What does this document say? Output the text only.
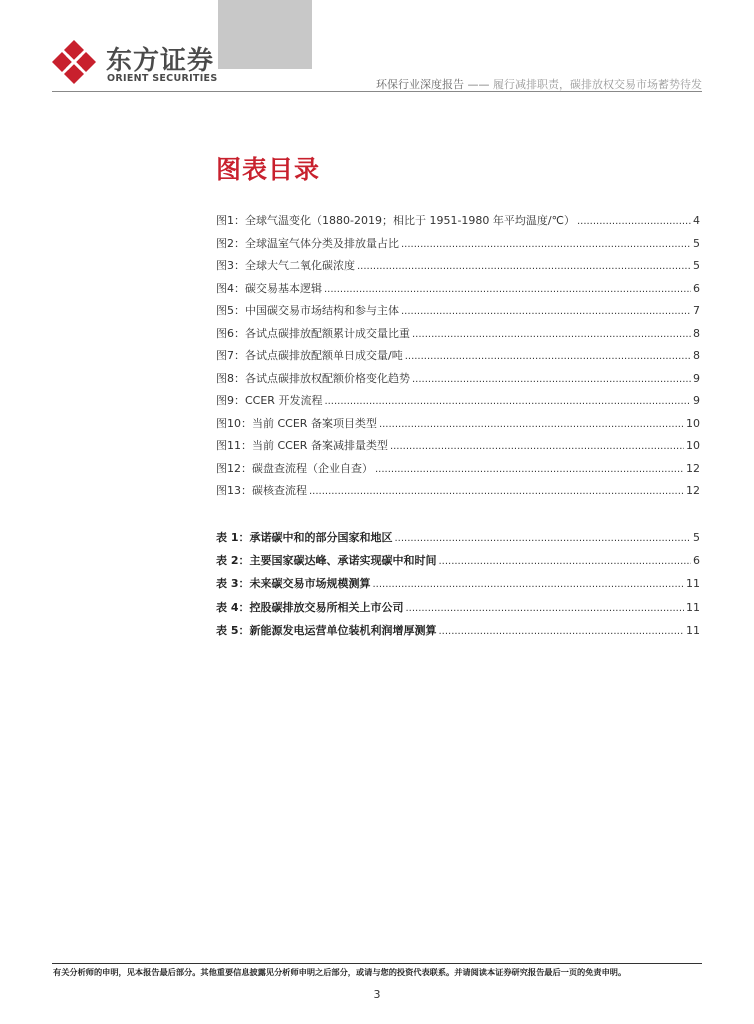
东方证券
ORIENT SECURITIES	环保行业深度报告 —— 履行减排职责，碳排放权交易市场蓄势待发
图表目录
图1：全球气温变化（1880-2019；相比于 1951-1980 年平均温度/℃） .....	4
图2：全球温室气体分类及排放量占比 .....	5
图3：全球大气二氧化碳浓度 .....	5
图4：碳交易基本逻辑 .....	6
图5：中国碳交易市场结构和参与主体 .....	7
图6：各试点碳排放配额累计成交量比重 .....	8
图7：各试点碳排放配额单日成交量/吨 .....	8
图8：各试点碳排放权配额价格变化趋势 .....	9
图9：CCER 开发流程 .....	9
图10：当前 CCER 备案项目类型 .....	10
图11：当前 CCER 备案减排量类型 .....	10
图12：碳盘查流程（企业自查） .....	12
图13：碳核查流程 .....	12
表 1：承诺碳中和的部分国家和地区 .....	5
表 2：主要国家碳达峰、承诺实现碳中和时间 .....	6
表 3：未来碳交易市场规模测算 .....	11
表 4：控股碳排放交易所相关上市公司 .....	11
表 5：新能源发电运营单位装机利润增厚测算 .....	11
有关分析师的申明，见本报告最后部分。其他重要信息披露见分析师申明之后部分，或请与您的投资代表联系。并请阅读本证券研究报告最后一页的免责申明。
3
